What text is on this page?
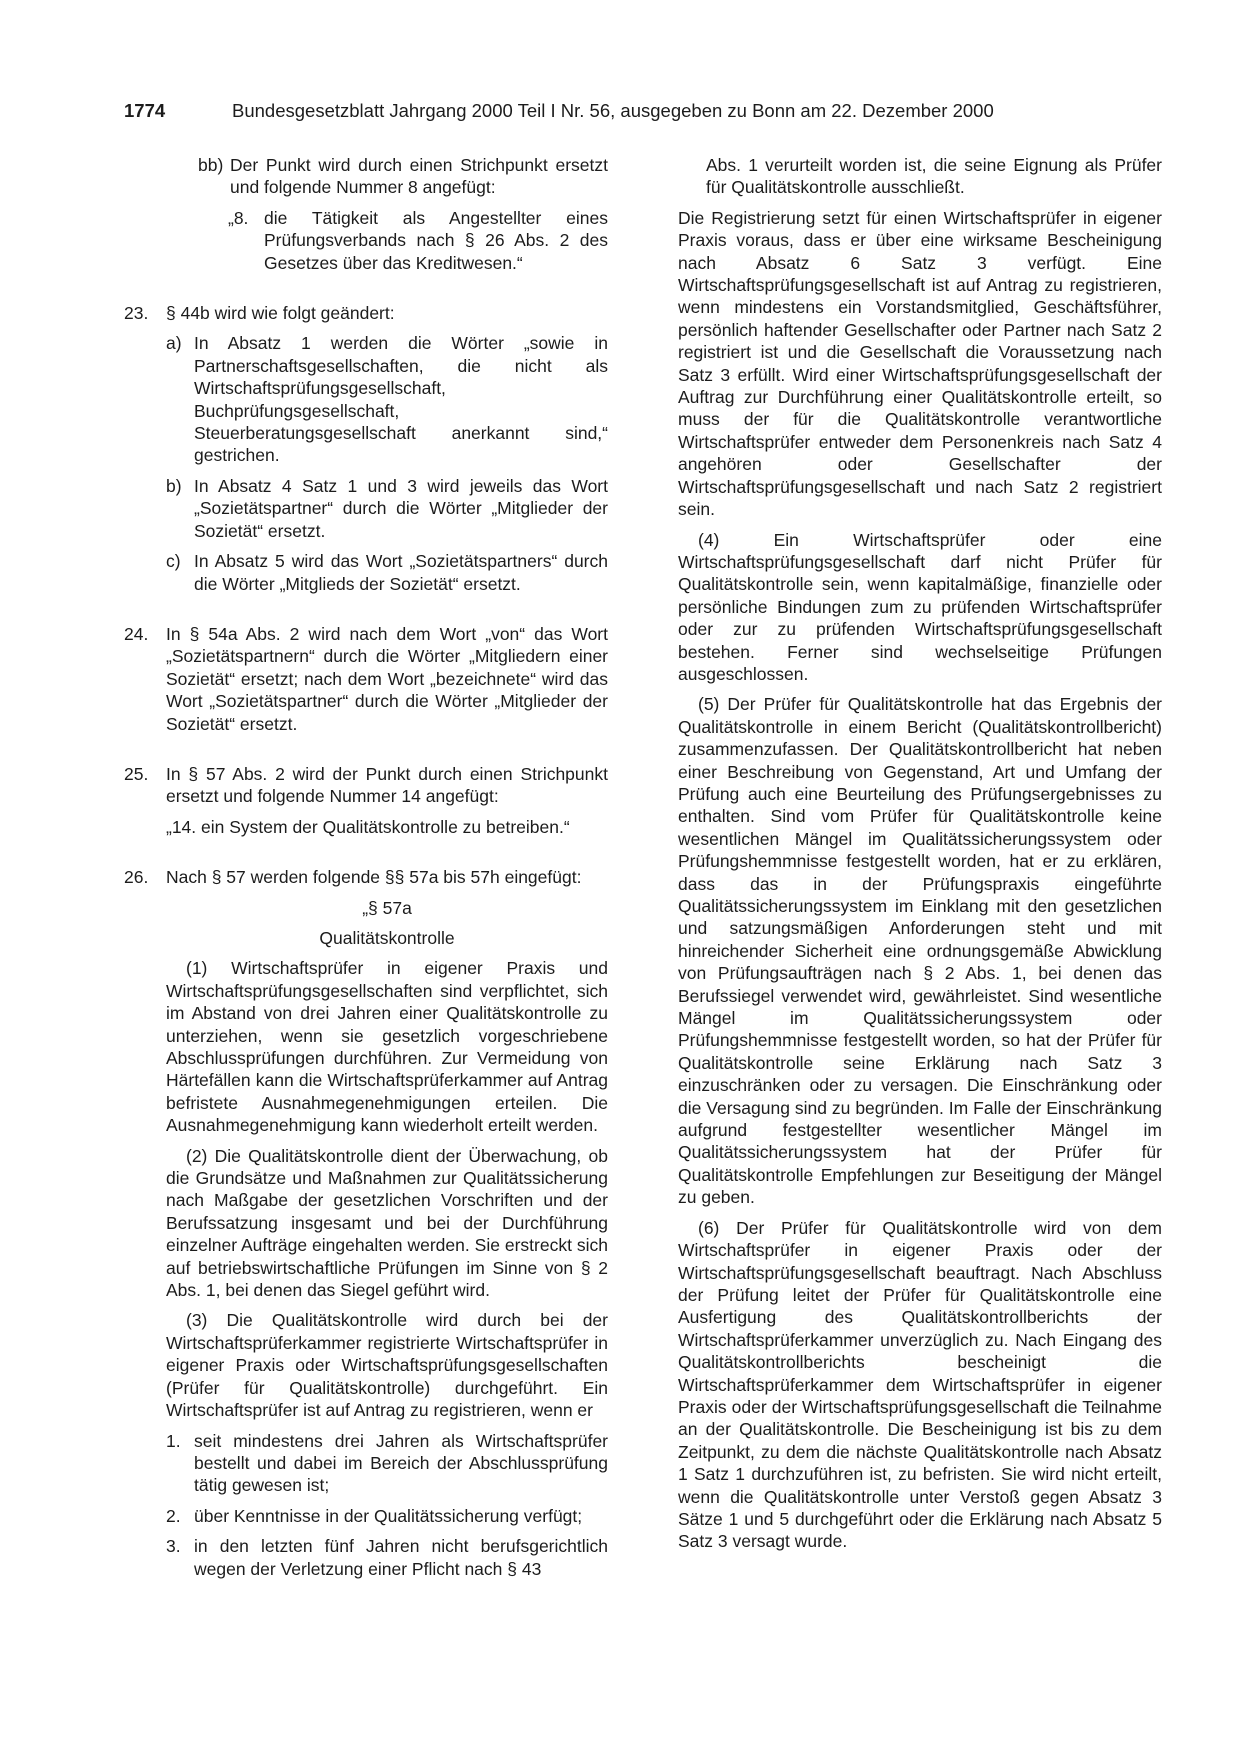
1774	Bundesgesetzblatt Jahrgang 2000 Teil I Nr. 56, ausgegeben zu Bonn am 22. Dezember 2000
bb) Der Punkt wird durch einen Strichpunkt ersetzt und folgende Nummer 8 angefügt:

„8. die Tätigkeit als Angestellter eines Prüfungsverbands nach § 26 Abs. 2 des Gesetzes über das Kreditwesen.“

23. § 44b wird wie folgt geändert:

a) In Absatz 1 werden die Wörter „sowie in Partnerschaftsgesellschaften, die nicht als Wirtschaftsprüfungsgesellschaft, Buchprüfungsgesellschaft, Steuerberatungsgesellschaft anerkannt sind,“ gestrichen.

b) In Absatz 4 Satz 1 und 3 wird jeweils das Wort „Sozietätspartner“ durch die Wörter „Mitglieder der Sozietät“ ersetzt.

c) In Absatz 5 wird das Wort „Sozietätspartners“ durch die Wörter „Mitglieds der Sozietät“ ersetzt.

24. In § 54a Abs. 2 wird nach dem Wort „von“ das Wort „Sozietätspartnern“ durch die Wörter „Mitgliedern einer Sozietät“ ersetzt; nach dem Wort „bezeichnete“ wird das Wort „Sozietätspartner“ durch die Wörter „Mitglieder der Sozietät“ ersetzt.

25. In § 57 Abs. 2 wird der Punkt durch einen Strichpunkt ersetzt und folgende Nummer 14 angefügt:

„14. ein System der Qualitätskontrolle zu betreiben.“

26. Nach § 57 werden folgende §§ 57a bis 57h eingefügt:

„§ 57a

Qualitätskontrolle

(1) Wirtschaftsprüfer in eigener Praxis und Wirtschaftsprüfungsgesellschaften sind verpflichtet, sich im Abstand von drei Jahren einer Qualitätskontrolle zu unterziehen, wenn sie gesetzlich vorgeschriebene Abschlussprüfungen durchführen. Zur Vermeidung von Härtefällen kann die Wirtschaftsprüferkammer auf Antrag befristete Ausnahmegenehmigungen erteilen. Die Ausnahmegenehmigung kann wiederholt erteilt werden.

(2) Die Qualitätskontrolle dient der Überwachung, ob die Grundsätze und Maßnahmen zur Qualitätssicherung nach Maßgabe der gesetzlichen Vorschriften und der Berufssatzung insgesamt und bei der Durchführung einzelner Aufträge eingehalten werden. Sie erstreckt sich auf betriebswirtschaftliche Prüfungen im Sinne von § 2 Abs. 1, bei denen das Siegel geführt wird.

(3) Die Qualitätskontrolle wird durch bei der Wirtschaftsprüferkammer registrierte Wirtschaftsprüfer in eigener Praxis oder Wirtschaftsprüfungsgesellschaften (Prüfer für Qualitätskontrolle) durchgeführt. Ein Wirtschaftsprüfer ist auf Antrag zu registrieren, wenn er

1. seit mindestens drei Jahren als Wirtschaftsprüfer bestellt und dabei im Bereich der Abschlussprüfung tätig gewesen ist;

2. über Kenntnisse in der Qualitätssicherung verfügt;

3. in den letzten fünf Jahren nicht berufsgerichtlich wegen der Verletzung einer Pflicht nach § 43

Abs. 1 verurteilt worden ist, die seine Eignung als Prüfer für Qualitätskontrolle ausschließt.

Die Registrierung setzt für einen Wirtschaftsprüfer in eigener Praxis voraus, dass er über eine wirksame Bescheinigung nach Absatz 6 Satz 3 verfügt. Eine Wirtschaftsprüfungsgesellschaft ist auf Antrag zu registrieren, wenn mindestens ein Vorstandsmitglied, Geschäftsführer, persönlich haftender Gesellschafter oder Partner nach Satz 2 registriert ist und die Gesellschaft die Voraussetzung nach Satz 3 erfüllt. Wird einer Wirtschaftsprüfungsgesellschaft der Auftrag zur Durchführung einer Qualitätskontrolle erteilt, so muss der für die Qualitätskontrolle verantwortliche Wirtschaftsprüfer entweder dem Personenkreis nach Satz 4 angehören oder Gesellschafter der Wirtschaftsprüfungsgesellschaft und nach Satz 2 registriert sein.

(4) Ein Wirtschaftsprüfer oder eine Wirtschaftsprüfungsgesellschaft darf nicht Prüfer für Qualitätskontrolle sein, wenn kapitalmäßige, finanzielle oder persönliche Bindungen zum zu prüfenden Wirtschaftsprüfer oder zur zu prüfenden Wirtschaftsprüfungsgesellschaft bestehen. Ferner sind wechselseitige Prüfungen ausgeschlossen.

(5) Der Prüfer für Qualitätskontrolle hat das Ergebnis der Qualitätskontrolle in einem Bericht (Qualitätskontrollbericht) zusammenzufassen. Der Qualitätskontrollbericht hat neben einer Beschreibung von Gegenstand, Art und Umfang der Prüfung auch eine Beurteilung des Prüfungsergebnisses zu enthalten. Sind vom Prüfer für Qualitätskontrolle keine wesentlichen Mängel im Qualitätssicherungssystem oder Prüfungshemmnisse festgestellt worden, hat er zu erklären, dass das in der Prüfungspraxis eingeführte Qualitätssicherungssystem im Einklang mit den gesetzlichen und satzungsmäßigen Anforderungen steht und mit hinreichender Sicherheit eine ordnungsgemäße Abwicklung von Prüfungsaufträgen nach § 2 Abs. 1, bei denen das Berufssiegel verwendet wird, gewährleistet. Sind wesentliche Mängel im Qualitätssicherungssystem oder Prüfungshemmnisse festgestellt worden, so hat der Prüfer für Qualitätskontrolle seine Erklärung nach Satz 3 einzuschränken oder zu versagen. Die Einschränkung oder die Versagung sind zu begründen. Im Falle der Einschränkung aufgrund festgestellter wesentlicher Mängel im Qualitätssicherungssystem hat der Prüfer für Qualitätskontrolle Empfehlungen zur Beseitigung der Mängel zu geben.

(6) Der Prüfer für Qualitätskontrolle wird von dem Wirtschaftsprüfer in eigener Praxis oder der Wirtschaftsprüfungsgesellschaft beauftragt. Nach Abschluss der Prüfung leitet der Prüfer für Qualitätskontrolle eine Ausfertigung des Qualitätskontrollberichts der Wirtschaftsprüferkammer unverzüglich zu. Nach Eingang des Qualitätskontrollberichts bescheinigt die Wirtschaftsprüferkammer dem Wirtschaftsprüfer in eigener Praxis oder der Wirtschaftsprüfungsgesellschaft die Teilnahme an der Qualitätskontrolle. Die Bescheinigung ist bis zu dem Zeitpunkt, zu dem die nächste Qualitätskontrolle nach Absatz 1 Satz 1 durchzuführen ist, zu befristen. Sie wird nicht erteilt, wenn die Qualitätskontrolle unter Verstoß gegen Absatz 3 Sätze 1 und 5 durchgeführt oder die Erklärung nach Absatz 5 Satz 3 versagt wurde.
